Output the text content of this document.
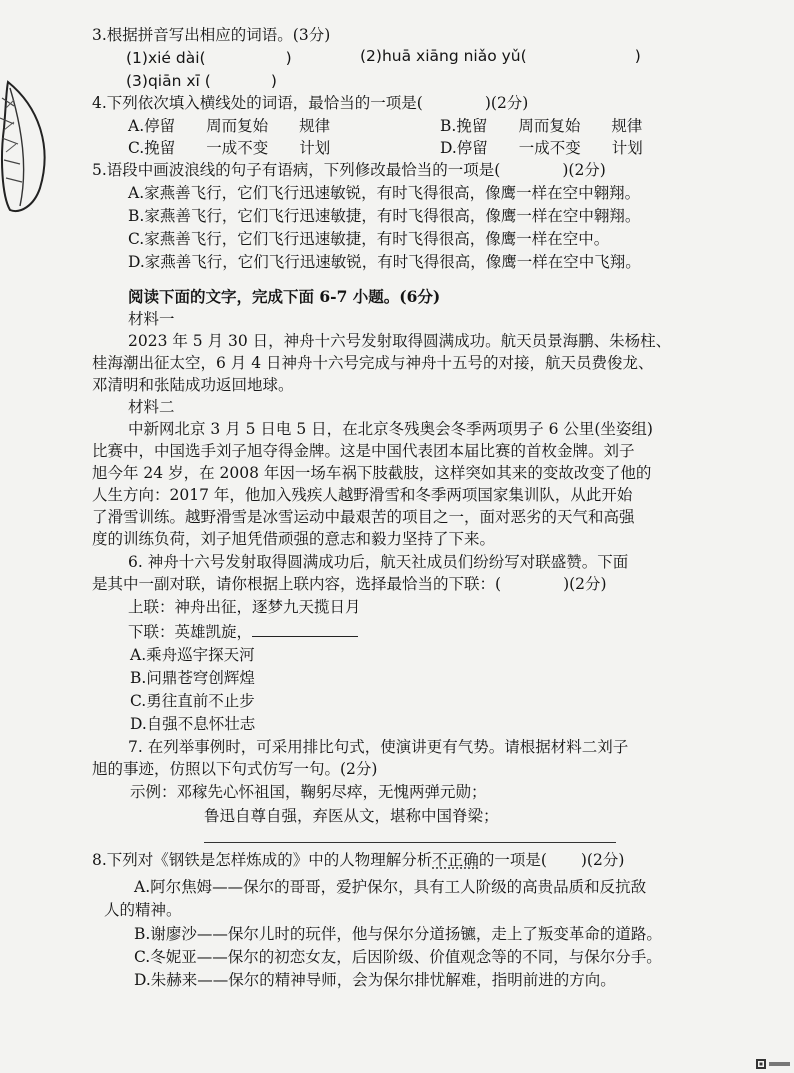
3.根据拼音写出相应的词语。(3分)
(1)xié dài(	)	(2)huā xiāng niǎo yǔ(	)
(3)qiān xī (	)
4.下列依次填入横线处的词语，最恰当的一项是(	)(2分)
A.停留　　周而复始　　规律	B.挽留　　周而复始　　规律
C.挽留　　一成不变　　计划	D.停留　　一成不变　　计划
5.语段中画波浪线的句子有语病，下列修改最恰当的一项是(	)(2分)
A.家燕善飞行，它们飞行迅速敏锐，有时飞得很高，像鹰一样在空中翱翔。
B.家燕善飞行，它们飞行迅速敏捷，有时飞得很高，像鹰一样在空中翱翔。
C.家燕善飞行，它们飞行迅速敏捷，有时飞得很高，像鹰一样在空中。
D.家燕善飞行，它们飞行迅速敏锐，有时飞得很高，像鹰一样在空中飞翔。
阅读下面的文字，完成下面 6-7 小题。(6分)
材料一
2023 年 5 月 30 日，神舟十六号发射取得圆满成功。航天员景海鹏、朱杨柱、
桂海潮出征太空，6 月 4 日神舟十六号完成与神舟十五号的对接，航天员费俊龙、
邓清明和张陆成功返回地球。
材料二
中新网北京 3 月 5 日电 5 日，在北京冬残奥会冬季两项男子 6 公里(坐姿组)
比赛中，中国选手刘子旭夺得金牌。这是中国代表团本届比赛的首枚金牌。刘子
旭今年 24 岁，在 2008 年因一场车祸下肢截肢，这样突如其来的变故改变了他的
人生方向：2017 年，他加入残疾人越野滑雪和冬季两项国家集训队，从此开始
了滑雪训练。越野滑雪是冰雪运动中最艰苦的项目之一，面对恶劣的天气和高强
度的训练负荷，刘子旭凭借顽强的意志和毅力坚持了下来。
6. 神舟十六号发射取得圆满成功后，航天社成员们纷纷写对联盛赞。下面
是其中一副对联，请你根据上联内容，选择最恰当的下联：(	)(2分)
上联：神舟出征，逐梦九天揽日月
下联：英雄凯旋，
A.乘舟巡宇探天河
B.问鼎苍穹创辉煌
C.勇往直前不止步
D.自强不息怀壮志
7. 在列举事例时，可采用排比句式，使演讲更有气势。请根据材料二刘子
旭的事迹，仿照以下句式仿写一句。(2分)
示例：邓稼先心怀祖国，鞠躬尽瘁，无愧两弹元勋；
鲁迅自尊自强，弃医从文，堪称中国脊梁；
8.下列对《钢铁是怎样炼成的》中的人物理解分析不正确的一项是( )(2分)
A.阿尔焦姆——保尔的哥哥，爱护保尔，具有工人阶级的高贵品质和反抗敌
人的精神。
B.谢廖沙——保尔儿时的玩伴，他与保尔分道扬镳，走上了叛变革命的道路。
C.冬妮亚——保尔的初恋女友，后因阶级、价值观念等的不同，与保尔分手。
D.朱赫来——保尔的精神导师，会为保尔排忧解难，指明前进的方向。
